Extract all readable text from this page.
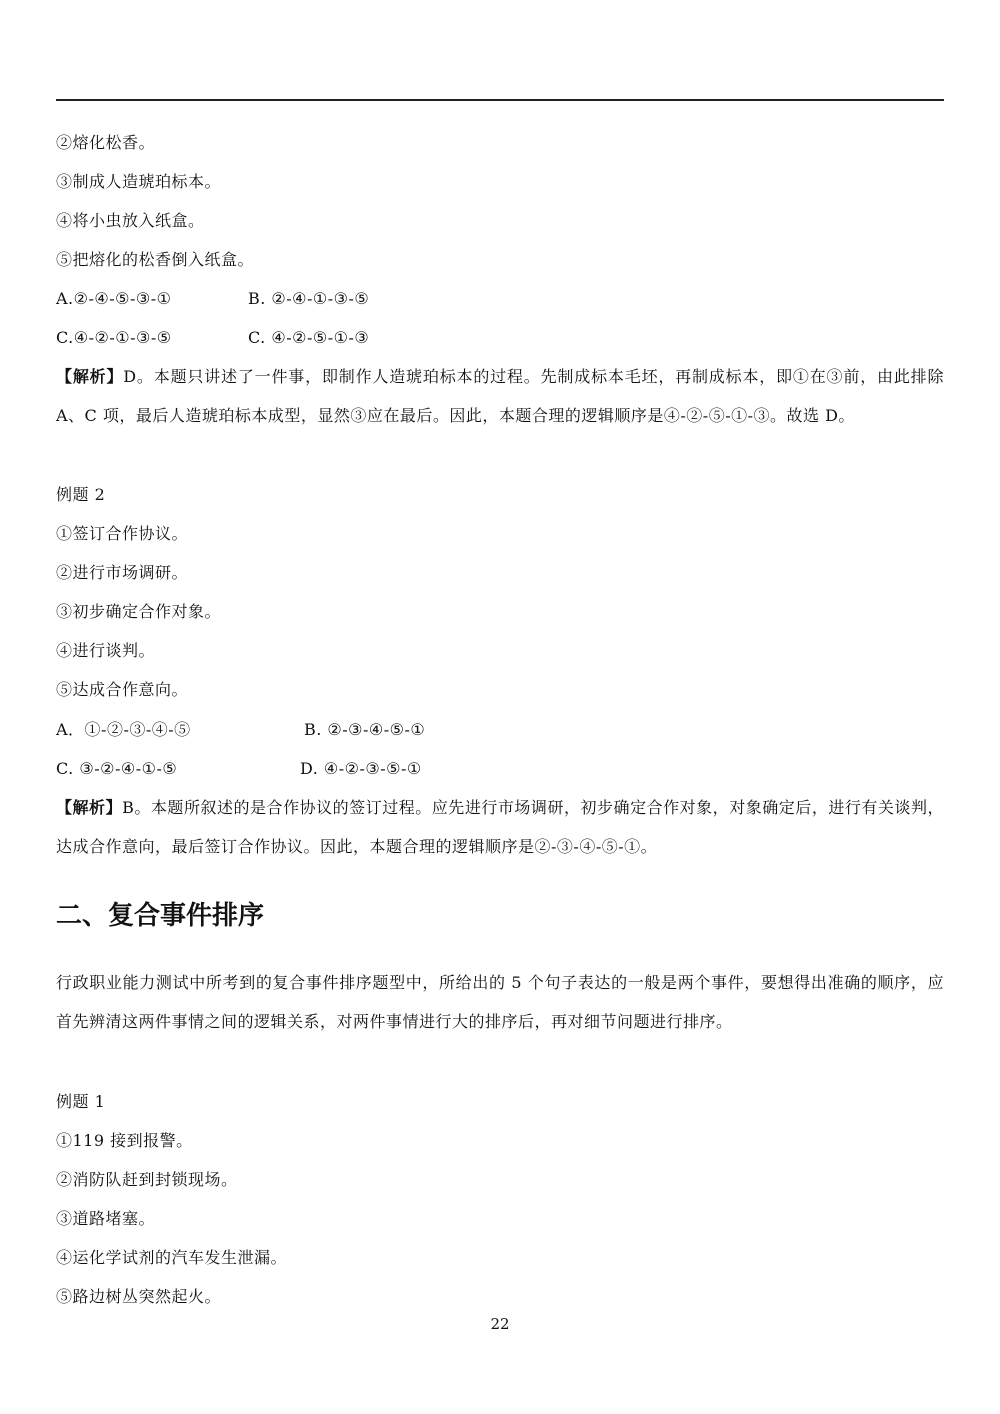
②熔化松香。
③制成人造琥珀标本。
④将小虫放入纸盒。
⑤把熔化的松香倒入纸盒。
A.②-④-⑤-③-①	B. ②-④-①-③-⑤
C.④-②-①-③-⑤	C. ④-②-⑤-①-③
【解析】D。本题只讲述了一件事，即制作人造琥珀标本的过程。先制成标本毛坯，再制成标本，即①在③前，由此排除 A、C 项，最后人造琥珀标本成型，显然③应在最后。因此，本题合理的逻辑顺序是④-②-⑤-①-③。故选 D。
例题 2
①签订合作协议。
②进行市场调研。
③初步确定合作对象。
④进行谈判。
⑤达成合作意向。
A．①-②-③-④-⑤	B. ②-③-④-⑤-①
C. ③-②-④-①-⑤	D. ④-②-③-⑤-①
【解析】B。本题所叙述的是合作协议的签订过程。应先进行市场调研，初步确定合作对象，对象确定后，进行有关谈判，达成合作意向，最后签订合作协议。因此，本题合理的逻辑顺序是②-③-④-⑤-①。
二、复合事件排序
行政职业能力测试中所考到的复合事件排序题型中，所给出的 5 个句子表达的一般是两个事件，要想得出准确的顺序，应首先辨清这两件事情之间的逻辑关系，对两件事情进行大的排序后，再对细节问题进行排序。
例题 1
①119 接到报警。
②消防队赶到封锁现场。
③道路堵塞。
④运化学试剂的汽车发生泄漏。
⑤路边树丛突然起火。
22
